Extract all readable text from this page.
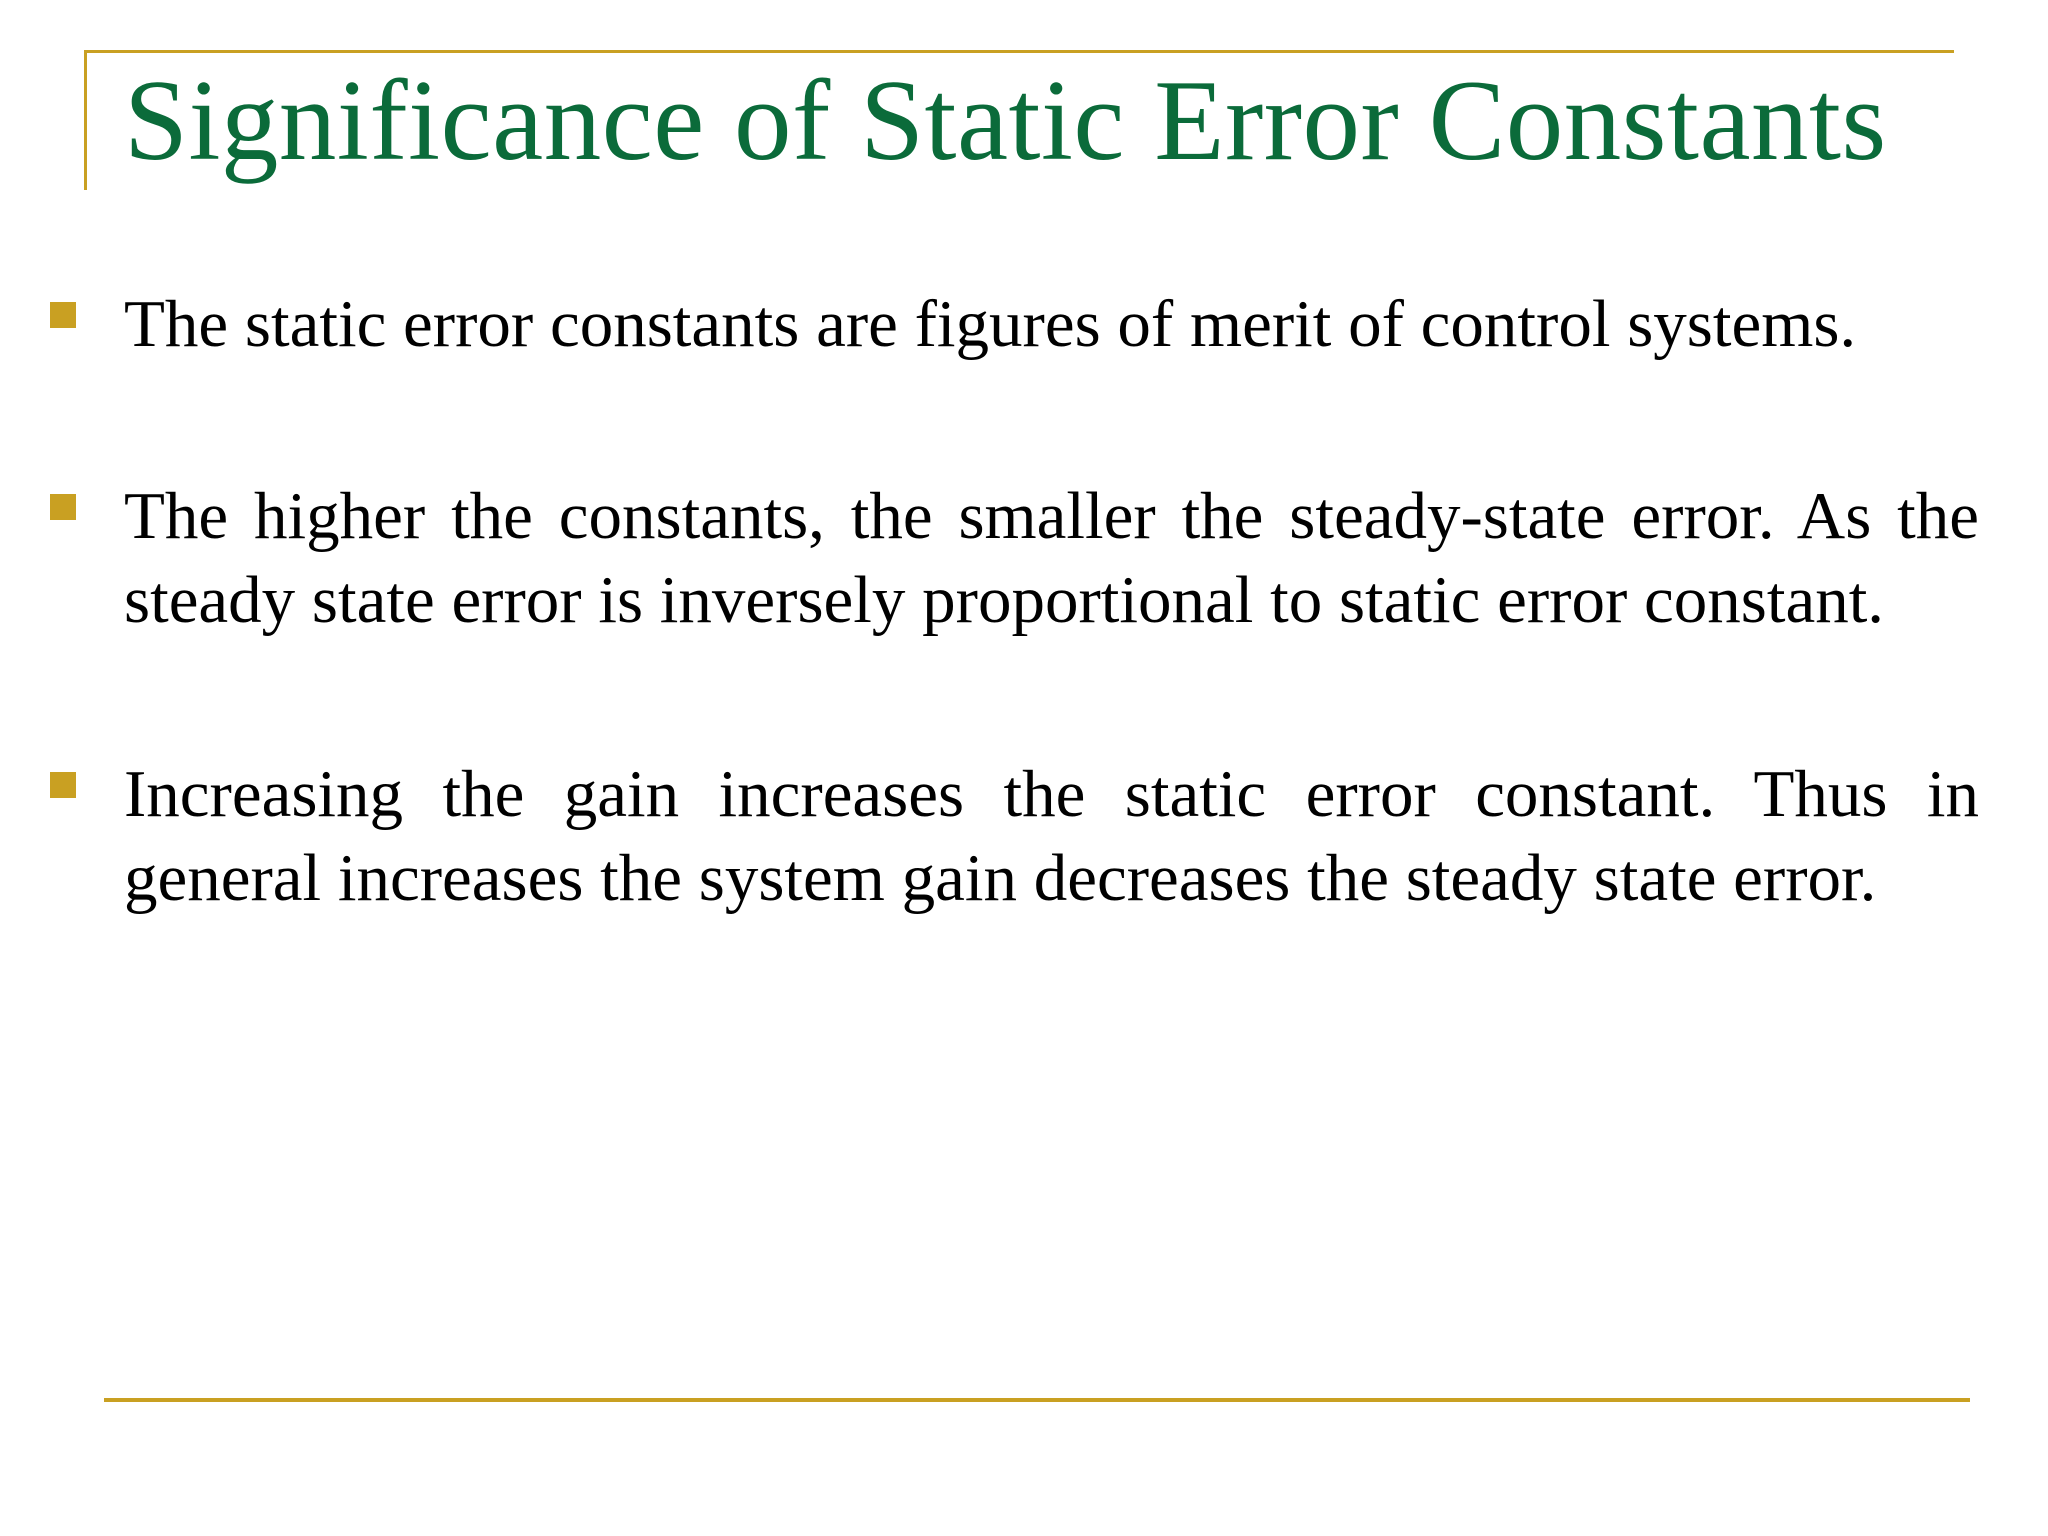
Significance of Static Error Constants

The static error constants are figures of merit of control systems.

The higher the constants, the smaller the steady-state error. As the steady state error is inversely proportional to static error constant.

Increasing the gain increases the static error constant. Thus in general increases the system gain decreases the steady state error.
